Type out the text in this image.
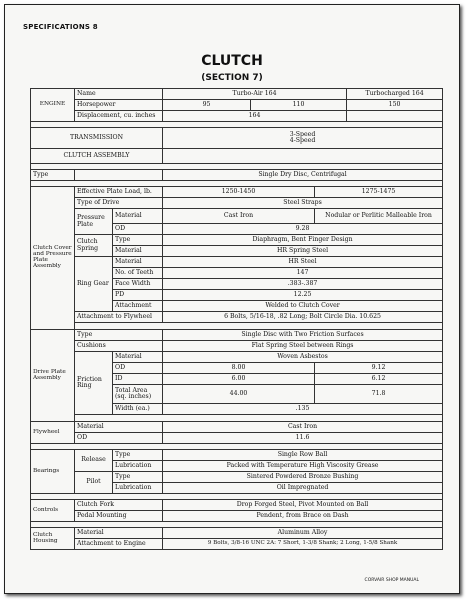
SPECIFICATIONS 8
CLUTCH
(SECTION 7)
CORVAIR SHOP MANUAL
ENGINE	Name		Turbo-Air 164			Turbocharged 164
	Horsepower		95	110		150
	Displacement, cu. inches		164			

TRANSMISSION			3-Speed
4-Speed			

CLUTCH ASSEMBLY						

Type			Single Dry Disc, Centrifugal			

Clutch Cover and Pressure Plate Assembly	Effective Plate Load, lb.		1250-1450		1275-1475	
	Type of Drive		Steel Straps			
	Pressure Plate	Material	Cast Iron		Nodular or Perlitic Malleable Iron	
		OD	9.28			
	Clutch Spring	Type	Diaphragm, Bent Finger Design			
		Material	HR Spring Steel			
	Ring Gear	Material	HR Steel			
		No. of Teeth	147			
		Face Width	.383-.387			
		PD	12.25			
		Attachment	Welded to Clutch Cover			
	Attachment to Flywheel		6 Bolts, 5/16-18, .82 Long; Bolt Circle Dia. 10.625			

Drive Plate Assembly	Type		Single Disc with Two Friction Surfaces			
	Cushions		Flat Spring Steel between Rings			
	Friction Ring	Material	Woven Asbestos			
		OD	8.00		9.12	
		ID	6.00		6.12	
		Total Area (sq. inches)	44.00		71.8	
		Width (ea.)	.135			

Flywheel	Material		Cast Iron			
	OD		11.6			

Bearings	Release	Type	Single Row Ball			
		Lubrication	Packed with Temperature High Viscosity Grease			
	Pilot	Type	Sintered Powdered Bronze Bushing			
		Lubrication	Oil Impregnated			

Controls	Clutch Fork		Drop Forged Steel, Pivot Mounted on Ball			
	Pedal Mounting		Pendent, from Brace on Dash			

Clutch Housing	Material		Aluminum Alloy			
	Attachment to Engine		9 Bolts, 3/8-16 UNC 2A: 7 Short, 1-3/8 Shank; 2 Long, 1-5/8 Shank			
